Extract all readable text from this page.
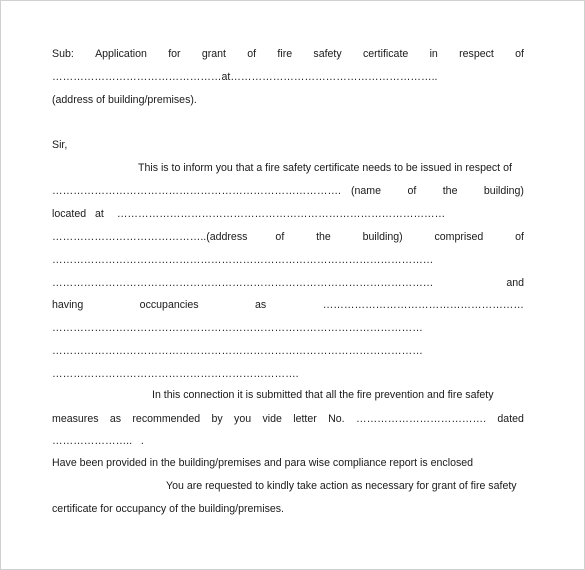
Sub: Application for grant of fire safety certificate in respect of
…………………………………………at…………………………………………………..
(address of building/premises).
Sir,
This is to inform you that a fire safety certificate needs to be issued in respect of
………………………………………………………………………. (name of the building)
located   at	…………………………………………………………………………………
……………………………………..(address	of	the	building)	comprised	of
………………………………………………………………………………………………
………………………………………………………………………………………………	and
having	occupancies	as	…………………………………………………
……………………………………………………………………………………………
……………………………………………………………………………………………
…………………………………………………………….
In this connection it is submitted that all the fire prevention and fire safety
measures as recommended by you vide letter No. ………………………………. dated
…………………..   .
Have been provided in the building/premises and para wise compliance report is enclosed
You are requested to kindly take action as necessary for grant of fire safety
certificate for occupancy of the building/premises.
